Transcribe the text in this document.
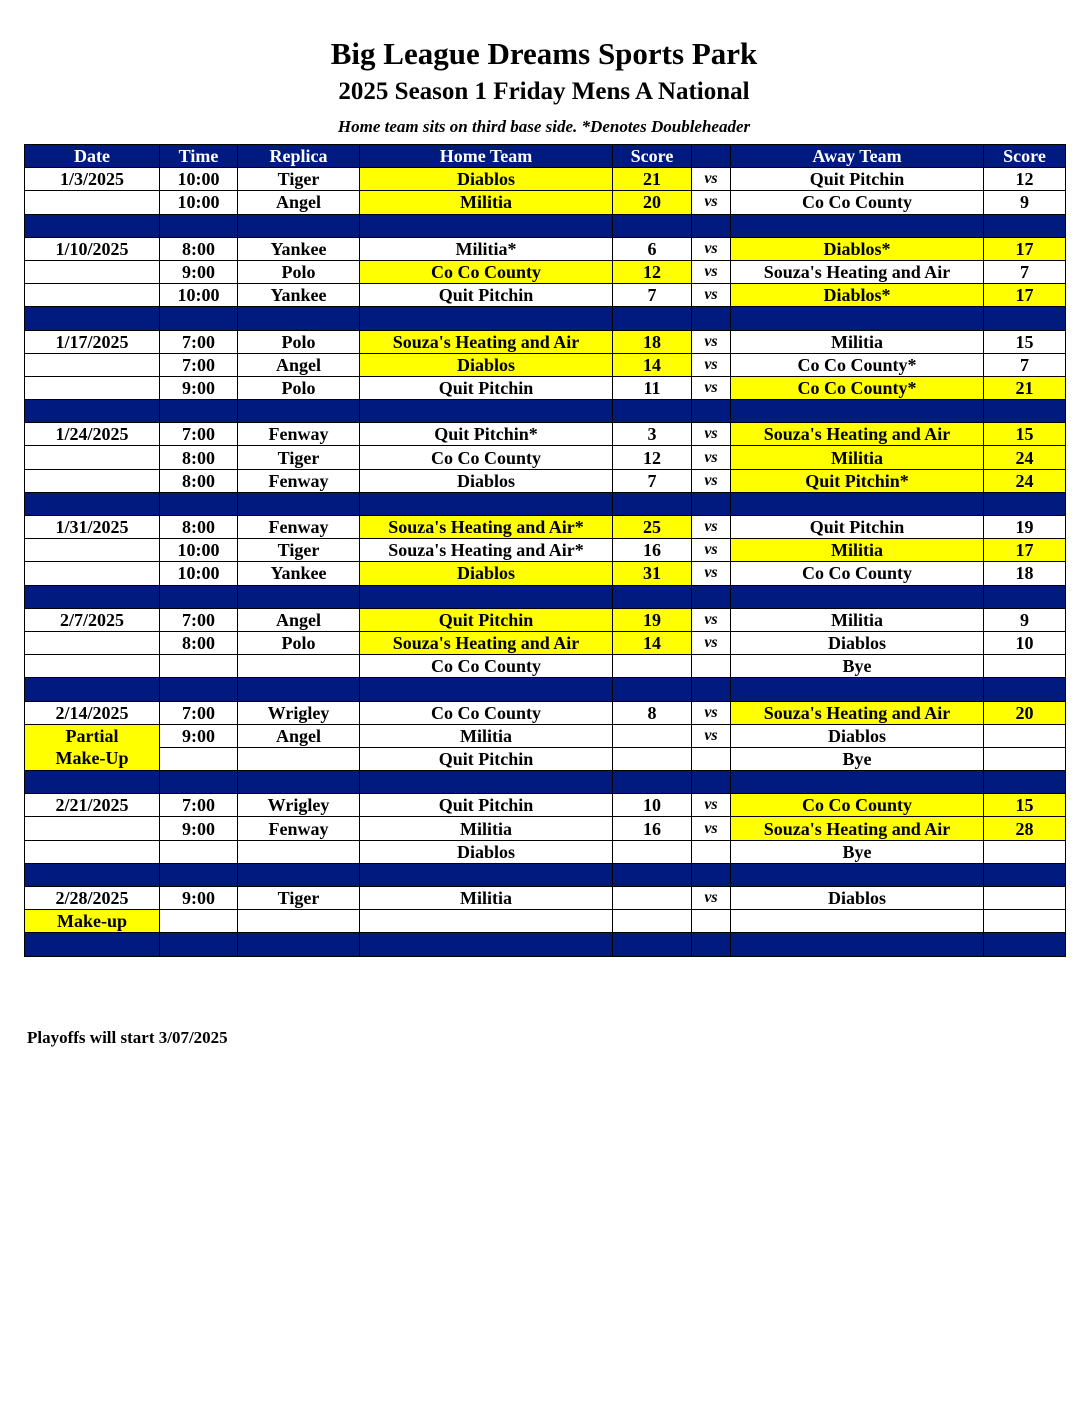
Big League Dreams Sports Park
2025 Season 1 Friday Mens A National
Home team sits on third base side. *Denotes Doubleheader
Date	Time	Replica	Home Team	Score		Away Team	Score
1/3/2025	10:00	Tiger	Diablos	21	vs	Quit Pitchin	12
	10:00	Angel	Militia	20	vs	Co Co County	9

1/10/2025	8:00	Yankee	Militia*	6	vs	Diablos*	17
	9:00	Polo	Co Co County	12	vs	Souza's Heating and Air	7
	10:00	Yankee	Quit Pitchin	7	vs	Diablos*	17

1/17/2025	7:00	Polo	Souza's Heating and Air	18	vs	Militia	15
	7:00	Angel	Diablos	14	vs	Co Co County*	7
	9:00	Polo	Quit Pitchin	11	vs	Co Co County*	21

1/24/2025	7:00	Fenway	Quit Pitchin*	3	vs	Souza's Heating and Air	15
	8:00	Tiger	Co Co County	12	vs	Militia	24
	8:00	Fenway	Diablos	7	vs	Quit Pitchin*	24

1/31/2025	8:00	Fenway	Souza's Heating and Air*	25	vs	Quit Pitchin	19
	10:00	Tiger	Souza's Heating and Air*	16	vs	Militia	17
	10:00	Yankee	Diablos	31	vs	Co Co County	18

2/7/2025	7:00	Angel	Quit Pitchin	19	vs	Militia	9
	8:00	Polo	Souza's Heating and Air	14	vs	Diablos	10
			Co Co County			Bye	

2/14/2025	7:00	Wrigley	Co Co County	8	vs	Souza's Heating and Air	20
Partial Make-Up	9:00	Angel	Militia		vs	Diablos	
			Quit Pitchin			Bye	

2/21/2025	7:00	Wrigley	Quit Pitchin	10	vs	Co Co County	15
	9:00	Fenway	Militia	16	vs	Souza's Heating and Air	28
			Diablos			Bye	

2/28/2025	9:00	Tiger	Militia		vs	Diablos	
Make-up							

Playoffs will start 3/07/2025
